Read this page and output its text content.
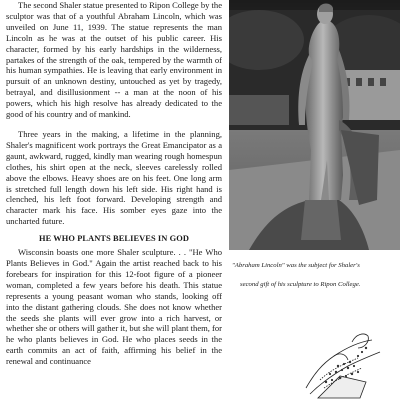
The second Shaler statue presented to Ripon College by the sculptor was that of a youthful Abraham Lincoln, which was unveiled on June 11, 1939. The statue represents the man Lincoln as he was at the outset of his public career. His character, formed by his early hardships in the wilderness, partakes of the strength of the oak, tempered by the warmth of his human sympathies. He is leaving that early environment in pursuit of an unknown destiny, untouched as yet by tragedy, betrayal, and disillusionment -- a man at the noon of his powers, which his high resolve has already dedicated to the good of his country and of mankind.

Three years in the making, a lifetime in the planning, Shaler's magnificent work portrays the Great Emancipator as a gaunt, awkward, rugged, kindly man wearing rough homespun clothes, his shirt open at the neck, sleeves carelessly rolled above the elbows. Heavy shoes are on his feet. One long arm is stretched full length down his left side. His right hand is clenched, his left foot forward. Developing strength and character mark his face. His somber eyes gaze into the uncharted future.

HE WHO PLANTS BELIEVES IN GOD

Wisconsin boasts one more Shaler sculpture. . . "He Who Plants Believes in God." Again the artist reached back to his forebears for inspiration for this 12-foot figure of a pioneer woman, completed a few years before his death. This statue represents a young peasant woman who stands, looking off into the distant gathering clouds. She does not know whether the seeds she plants will ever grow into a rich harvest, or whether she or others will gather it, but she will plant them, for he who plants believes in God. He who places seeds in the earth commits an act of faith, affirming his belief in the renewal and continuance

"Abraham Lincoln" was the subject for Shaler's
second gift of his sculpture to Ripon College.
